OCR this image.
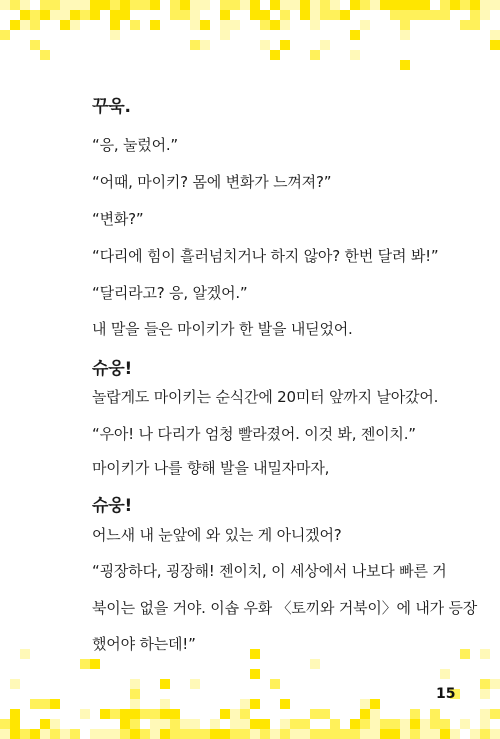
꾸욱.
“응, 눌렀어.”
“어때, 마이키? 몸에 변화가 느껴져?”
“변화?”
“다리에 힘이 흘러넘치거나 하지 않아? 한번 달려 봐!”
“달리라고? 응, 알겠어.”
내 말을 들은 마이키가 한 발을 내딛었어.
슈웅!
놀랍게도 마이키는 순식간에 20미터 앞까지 날아갔어.
“우아! 나 다리가 엄청 빨라졌어. 이것 봐, 젠이치.”
마이키가 나를 향해 발을 내밀자마자,
슈웅!
어느새 내 눈앞에 와 있는 게 아니겠어?
“굉장하다, 굉장해! 젠이치, 이 세상에서 나보다 빠른 거
북이는 없을 거야. 이솝 우화 〈토끼와 거북이〉에 내가 등장
했어야 하는데!”
15
